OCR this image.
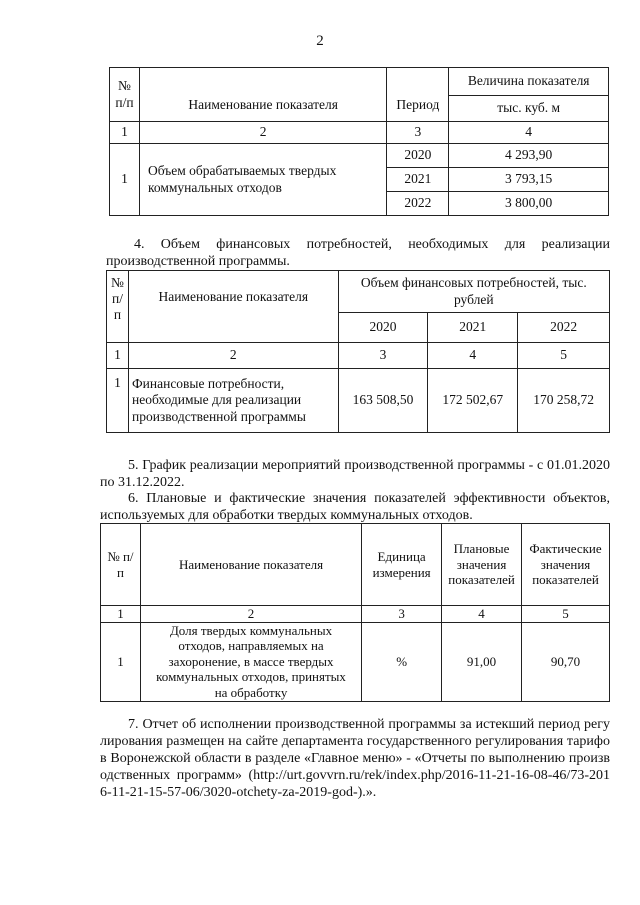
2
№ п/п	Наименование показателя	Период	Величина показателя
			тыс. куб. м
1	2	3	4
1	Объем обрабатываемых твердых коммунальных отходов	2020	4 293,90
		2021	3 793,15
		2022	3 800,00
4. Объем финансовых потребностей, необходимых для реализации производственной программы.
№ п/п	Наименование показателя	Объем финансовых потребностей, тыс. рублей		
		2020	2021	2022
1	2	3	4	5
1	Финансовые потребности, необходимые для реализации производственной программы	163 508,50	172 502,67	170 258,72
5. График реализации мероприятий производственной программы - с 01.01.2020 по 31.12.2022.
6. Плановые и фактические значения показателей эффективности объектов, используемых для обработки твердых коммунальных отходов.
№ п/п	Наименование показателя	Единица измерения	Плановые значения показателей	Фактические значения показателей
1	2	3	4	5
1	Доля твердых коммунальных отходов, направляемых на захоронение, в массе твердых коммунальных отходов, принятых на обработку	%	91,00	90,70
7. Отчет об исполнении производственной программы за истекший период регулирования размещен на сайте департамента государственного регулирования тарифов Воронежской области в разделе «Главное меню» - «Отчеты по выполнению производственных программ» (http://urt.govvrn.ru/rek/index.php/2016-11-21-16-08-46/73-2016-11-21-15-57-06/3020-otchety-za-2019-god-).».
